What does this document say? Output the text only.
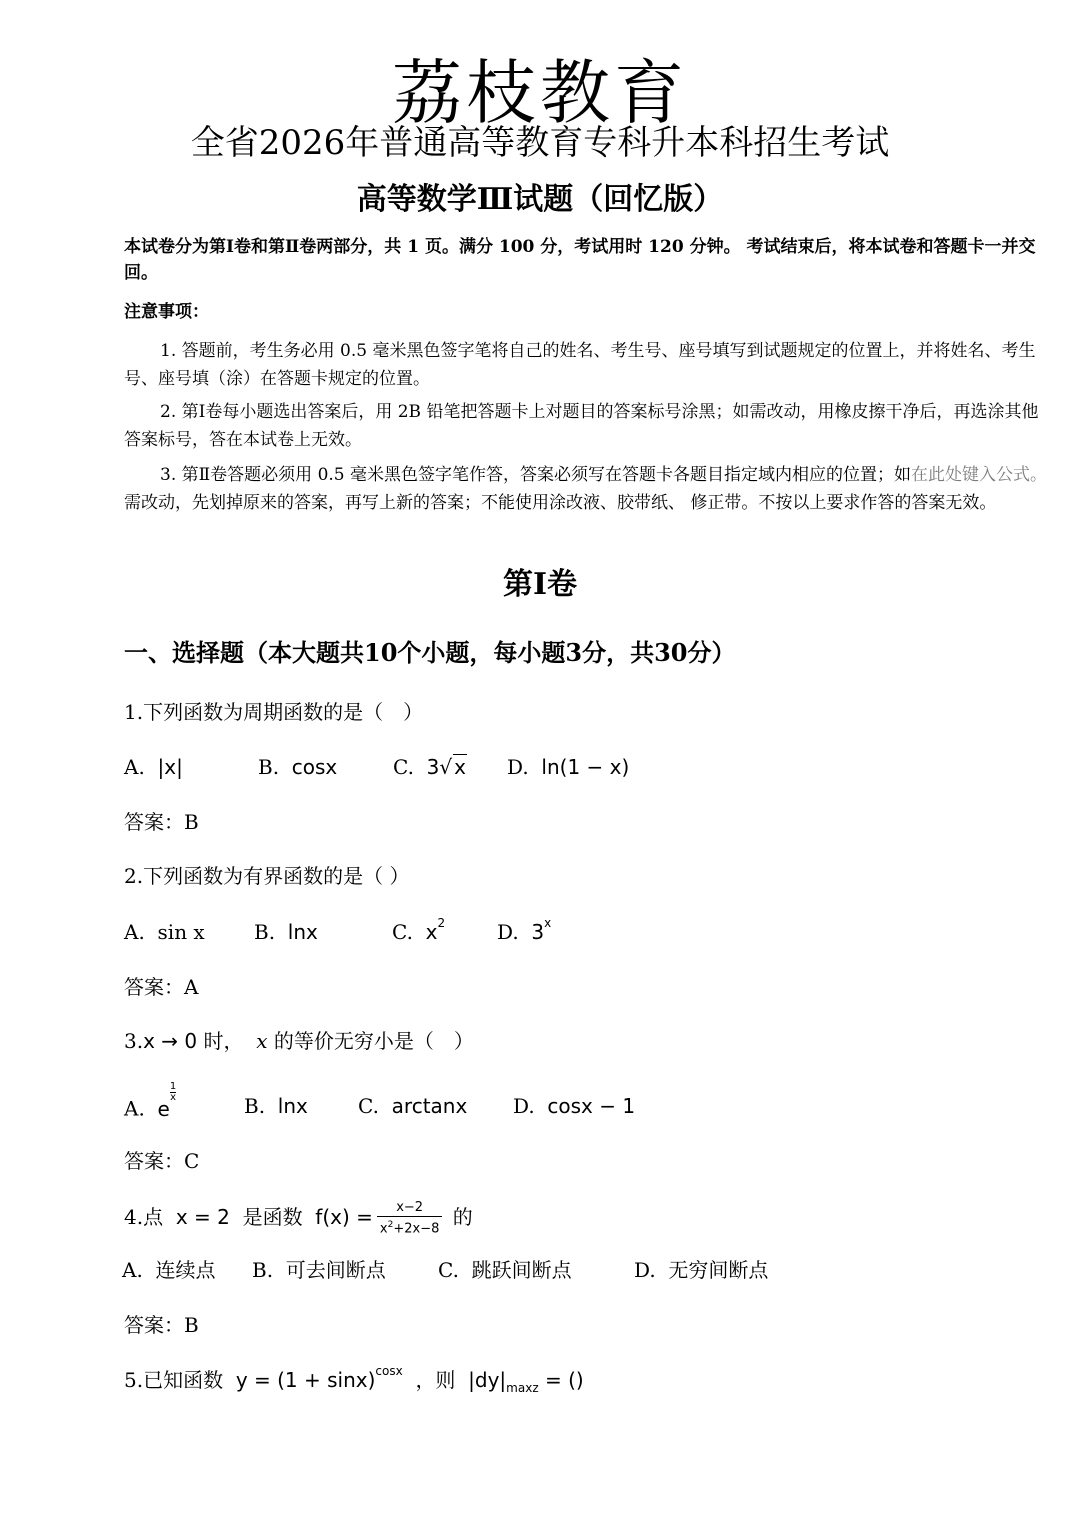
荔枝教育
全省2026年普通高等教育专科升本科招生考试
高等数学Ⅲ试题（回忆版）
本试卷分为第Ⅰ卷和第Ⅱ卷两部分，共 1 页。满分 100 分，考试用时 120 分钟。 考试结束后，将本试卷和答题卡一并交回。
注意事项：
1. 答题前，考生务必用 0.5 毫米黑色签字笔将自己的姓名、考生号、座号填写到试题规定的位置上，并将姓名、考生号、座号填（涂）在答题卡规定的位置。
2. 第Ⅰ卷每小题选出答案后，用 2B 铅笔把答题卡上对题目的答案标号涂黑；如需改动，用橡皮擦干净后，再选涂其他答案标号，答在本试卷上无效。
3. 第Ⅱ卷答题必须用 0.5 毫米黑色签字笔作答，答案必须写在答题卡各题目指定域内相应的位置；如在此处键入公式。需改动，先划掉原来的答案，再写上新的答案；不能使用涂改液、胶带纸、 修正带。不按以上要求作答的答案无效。
第Ⅰ卷
一、选择题（本大题共10个小题，每小题3分，共30分）
1.下列函数为周期函数的是（　）
A. |x|	B. cosx	C. 3√ x D. ln(1 − x)
答案：B
2.下列函数为有界函数的是（ ）
A. sin x B. lnx	C. $x^2$	D. 3$^x$
答案：A
3.x → 0 时， 𝑥 的等价无穷小是（　）
A. e
$\frac{1}{x}$
B. lnx	C. arctanx D. cosx − 1
答案：C
4.点 x = 2 是函数 $f(x) = \frac{x-2}{x^2+2x-8}$ 的
A. 连续点 B. 可去间断点	C. 跳跃间断点	D. 无穷间断点
答案：B
5.已知函数 $y = (1 + \sin x)^{cosx}$ ，则 $|dy|_{maxz}$ = ()
